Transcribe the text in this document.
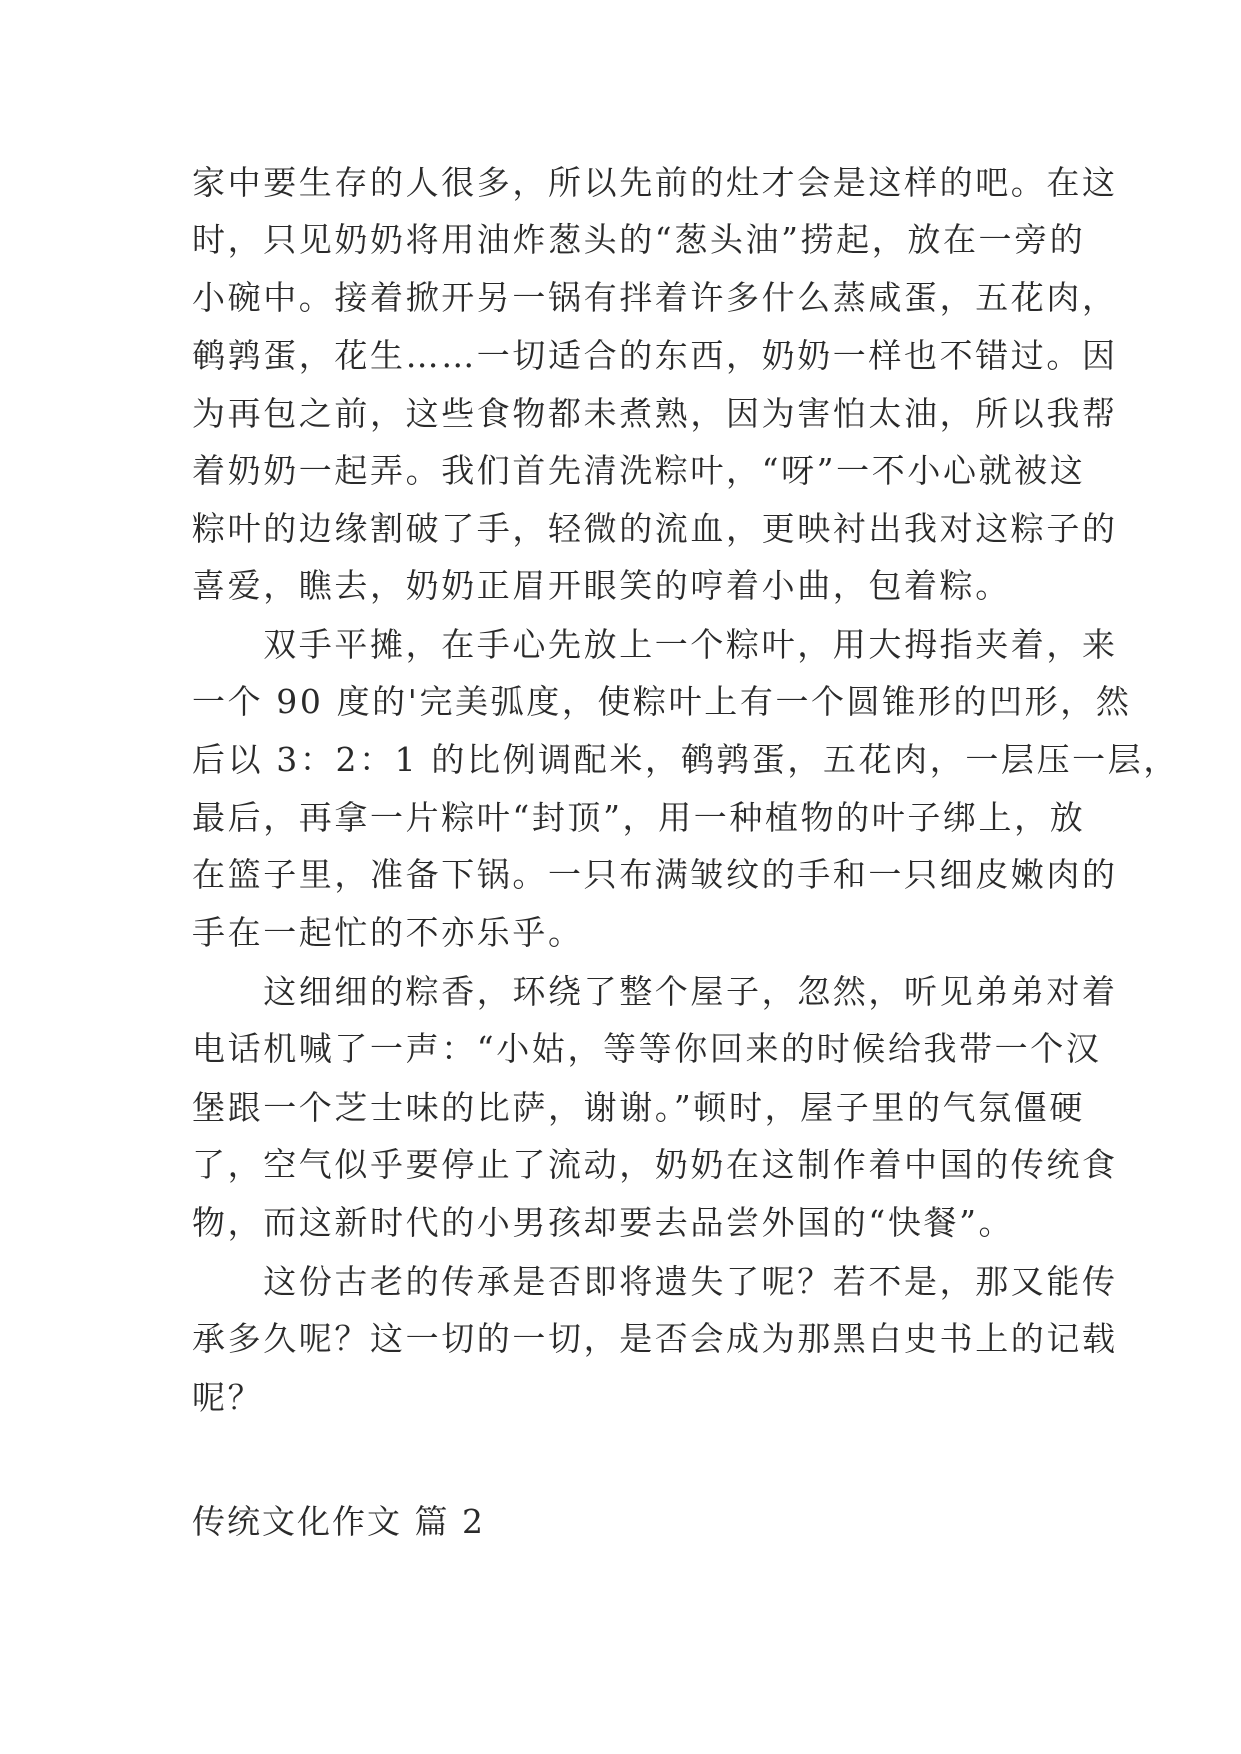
家中要生存的人很多，所以先前的灶才会是这样的吧。在这
时，只见奶奶将用油炸葱头的“葱头油”捞起，放在一旁的
小碗中。接着掀开另一锅有拌着许多什么蒸咸蛋，五花肉，
鹌鹑蛋，花生……一切适合的东西，奶奶一样也不错过。因
为再包之前，这些食物都未煮熟，因为害怕太油，所以我帮
着奶奶一起弄。我们首先清洗粽叶，“呀”一不小心就被这
粽叶的边缘割破了手，轻微的流血，更映衬出我对这粽子的
喜爱，瞧去，奶奶正眉开眼笑的哼着小曲，包着粽。
　　双手平摊，在手心先放上一个粽叶，用大拇指夹着，来
一个 90 度的'完美弧度，使粽叶上有一个圆锥形的凹形，然
后以 3：2：1 的比例调配米，鹌鹑蛋，五花肉，一层压一层，
最后，再拿一片粽叶“封顶”，用一种植物的叶子绑上，放
在篮子里，准备下锅。一只布满皱纹的手和一只细皮嫩肉的
手在一起忙的不亦乐乎。
　　这细细的粽香，环绕了整个屋子，忽然，听见弟弟对着
电话机喊了一声：“小姑，等等你回来的时候给我带一个汉
堡跟一个芝士味的比萨，谢谢。”顿时，屋子里的气氛僵硬
了，空气似乎要停止了流动，奶奶在这制作着中国的传统食
物，而这新时代的小男孩却要去品尝外国的“快餐”。
　　这份古老的传承是否即将遗失了呢？若不是，那又能传
承多久呢？这一切的一切，是否会成为那黑白史书上的记载
呢？
传统文化作文 篇 2
